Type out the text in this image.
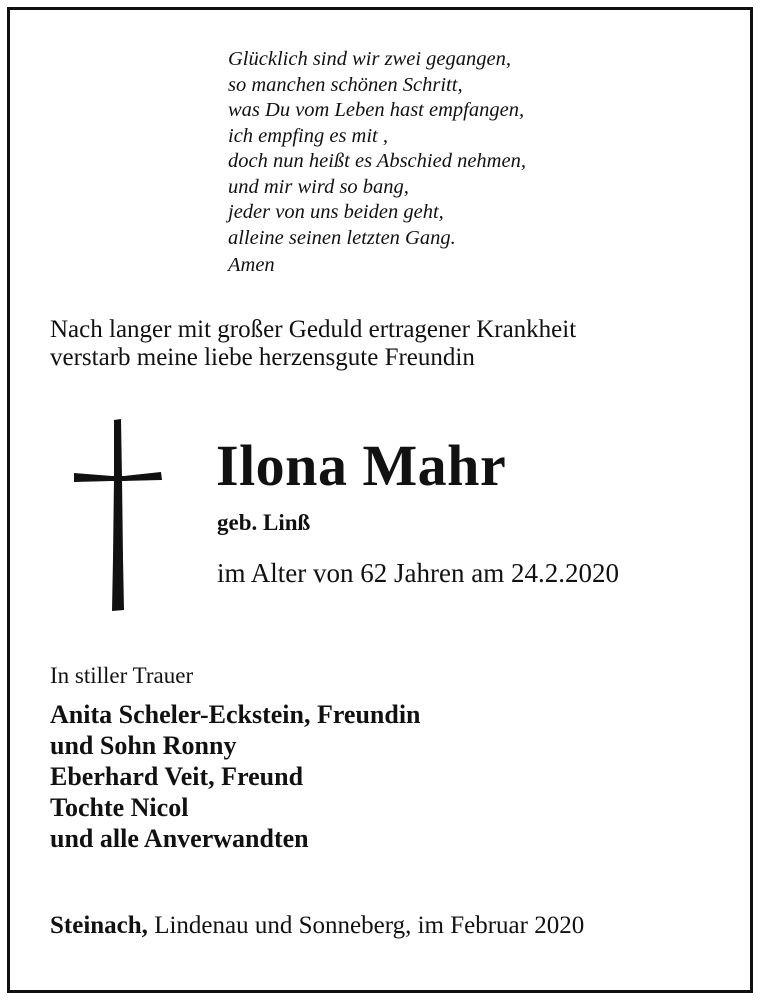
Glücklich sind wir zwei gegangen,
so manchen schönen Schritt,
was Du vom Leben hast empfangen,
ich empfing es mit ,
doch nun heißt es Abschied nehmen,
und mir wird so bang,
jeder von uns beiden geht,
alleine seinen letzten Gang.
Amen
Nach langer mit großer Geduld ertragener Krankheit
verstarb meine liebe herzensgute Freundin
Ilona Mahr
geb. Linß
im Alter von 62 Jahren am 24.2.2020
In stiller Trauer
Anita Scheler-Eckstein, Freundin
und Sohn Ronny
Eberhard Veit, Freund
Tochte Nicol
und alle Anverwandten
Steinach, Lindenau und Sonneberg, im Februar 2020
